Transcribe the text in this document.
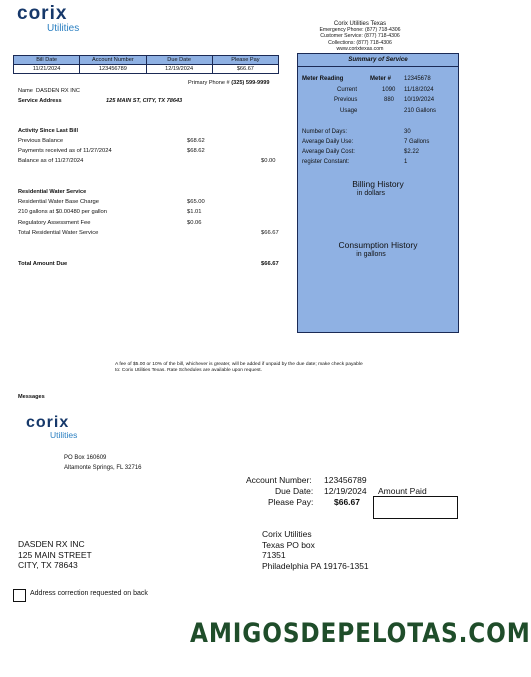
corix
Utilities	Corix Utilities Texas
Emergency Phone: (877) 718-4306
Customer Service: (877) 718-4306
Collections: (877) 718-4306
www.corixtexas.com
Bill Date	Account Number	Due Date	Please Pay
11/21/2024	123456789	12/19/2024	$66.67
Primary Phone # (325) 599-9999
Name DASDEN RX INC
Service Address	125 MAIN ST, CITY, TX 78643
Activity Since Last Bill
Previous Balance	$68.62
Payments received as of 11/27/2024	$68.62
Balance as of 11/27/2024	$0.00
Residential Water Service
Residential Water Base Charge	$65.00
210 gallons at $0.00480 per gallon	$1.01
Regulatory Assessment Fee	$0.06
Total Residential Water Service	$66.67
Total Amount Due	$66.67
Summary of Service
Meter Reading	Meter # 12345678
Current	1090 11/18/2024
Previous	880 10/19/2024
Usage	210 Gallons
Number of Days:	30
Average Daily Use:	7 Gallons
Average Daily Cost:	$2.22
register Constant:	1
Billing History
in dollars
Consumption History
in gallons
A fee of $5.00 or 10% of the bill, whichever is greater, will be added if unpaid by the due date; make check payable to: Corix Utilities Texas. Rate Schedules are available upon request.
Messages
corix
Utilities
PO Box 160609
Altamonte Springs, FL 32716
Account Number: 123456789
Due Date: 12/19/2024 Amount Paid
Please Pay: $66.67
DASDEN RX INC
125 MAIN STREET
CITY, TX 78643
Corix Utilities
Texas PO box
71351
Philadelphia PA 19176-1351
Address correction requested on back
AMIGOSDEPELOTAS.COM
